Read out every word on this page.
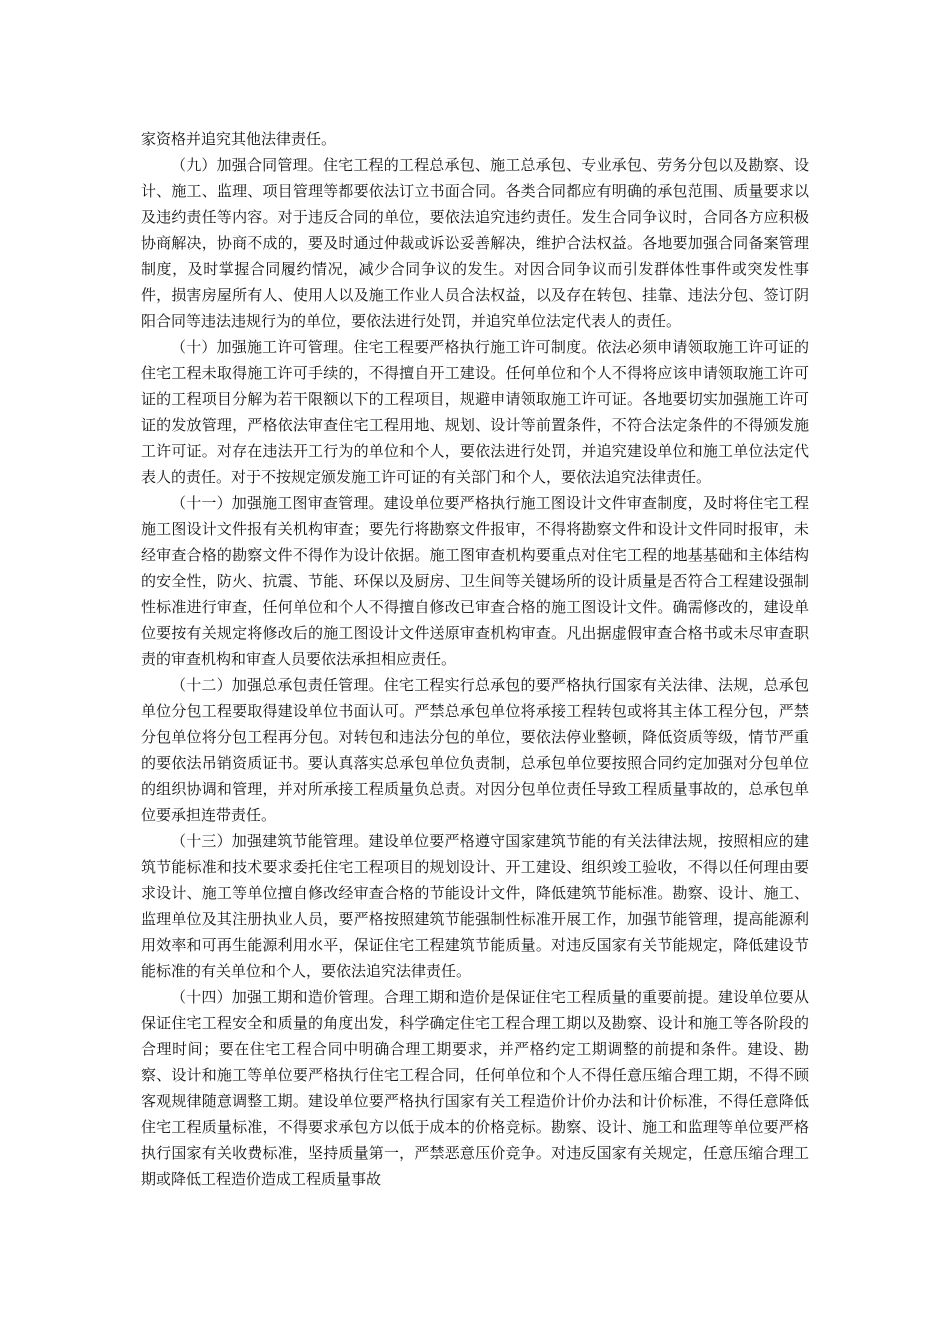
家资格并追究其他法律责任。

（九）加强合同管理。住宅工程的工程总承包、施工总承包、专业承包、劳务分包以及勘察、设计、施工、监理、项目管理等都要依法订立书面合同。各类合同都应有明确的承包范围、质量要求以及违约责任等内容。对于违反合同的单位，要依法追究违约责任。发生合同争议时，合同各方应积极协商解决，协商不成的，要及时通过仲裁或诉讼妥善解决，维护合法权益。各地要加强合同备案管理制度，及时掌握合同履约情况，减少合同争议的发生。对因合同争议而引发群体性事件或突发性事件，损害房屋所有人、使用人以及施工作业人员合法权益，以及存在转包、挂靠、违法分包、签订阴阳合同等违法违规行为的单位，要依法进行处罚，并追究单位法定代表人的责任。

（十）加强施工许可管理。住宅工程要严格执行施工许可制度。依法必须申请领取施工许可证的住宅工程未取得施工许可手续的，不得擅自开工建设。任何单位和个人不得将应该申请领取施工许可证的工程项目分解为若干限额以下的工程项目，规避申请领取施工许可证。各地要切实加强施工许可证的发放管理，严格依法审查住宅工程用地、规划、设计等前置条件，不符合法定条件的不得颁发施工许可证。对存在违法开工行为的单位和个人，要依法进行处罚，并追究建设单位和施工单位法定代表人的责任。对于不按规定颁发施工许可证的有关部门和个人，要依法追究法律责任。

（十一）加强施工图审查管理。建设单位要严格执行施工图设计文件审查制度，及时将住宅工程施工图设计文件报有关机构审查；要先行将勘察文件报审，不得将勘察文件和设计文件同时报审，未经审查合格的勘察文件不得作为设计依据。施工图审查机构要重点对住宅工程的地基基础和主体结构的安全性，防火、抗震、节能、环保以及厨房、卫生间等关键场所的设计质量是否符合工程建设强制性标准进行审查，任何单位和个人不得擅自修改已审查合格的施工图设计文件。确需修改的，建设单位要按有关规定将修改后的施工图设计文件送原审查机构审查。凡出据虚假审查合格书或未尽审查职责的审查机构和审查人员要依法承担相应责任。

（十二）加强总承包责任管理。住宅工程实行总承包的要严格执行国家有关法律、法规，总承包单位分包工程要取得建设单位书面认可。严禁总承包单位将承接工程转包或将其主体工程分包，严禁分包单位将分包工程再分包。对转包和违法分包的单位，要依法停业整顿，降低资质等级，情节严重的要依法吊销资质证书。要认真落实总承包单位负责制，总承包单位要按照合同约定加强对分包单位的组织协调和管理，并对所承接工程质量负总责。对因分包单位责任导致工程质量事故的，总承包单位要承担连带责任。

（十三）加强建筑节能管理。建设单位要严格遵守国家建筑节能的有关法律法规，按照相应的建筑节能标准和技术要求委托住宅工程项目的规划设计、开工建设、组织竣工验收，不得以任何理由要求设计、施工等单位擅自修改经审查合格的节能设计文件，降低建筑节能标准。勘察、设计、施工、监理单位及其注册执业人员，要严格按照建筑节能强制性标准开展工作，加强节能管理，提高能源利用效率和可再生能源利用水平，保证住宅工程建筑节能质量。对违反国家有关节能规定，降低建设节能标准的有关单位和个人，要依法追究法律责任。

（十四）加强工期和造价管理。合理工期和造价是保证住宅工程质量的重要前提。建设单位要从保证住宅工程安全和质量的角度出发，科学确定住宅工程合理工期以及勘察、设计和施工等各阶段的合理时间；要在住宅工程合同中明确合理工期要求，并严格约定工期调整的前提和条件。建设、勘察、设计和施工等单位要严格执行住宅工程合同，任何单位和个人不得任意压缩合理工期，不得不顾客观规律随意调整工期。建设单位要严格执行国家有关工程造价计价办法和计价标准，不得任意降低住宅工程质量标准，不得要求承包方以低于成本的价格竞标。勘察、设计、施工和监理等单位要严格执行国家有关收费标准，坚持质量第一，严禁恶意压价竞争。对违反国家有关规定，任意压缩合理工期或降低工程造价造成工程质量事故
